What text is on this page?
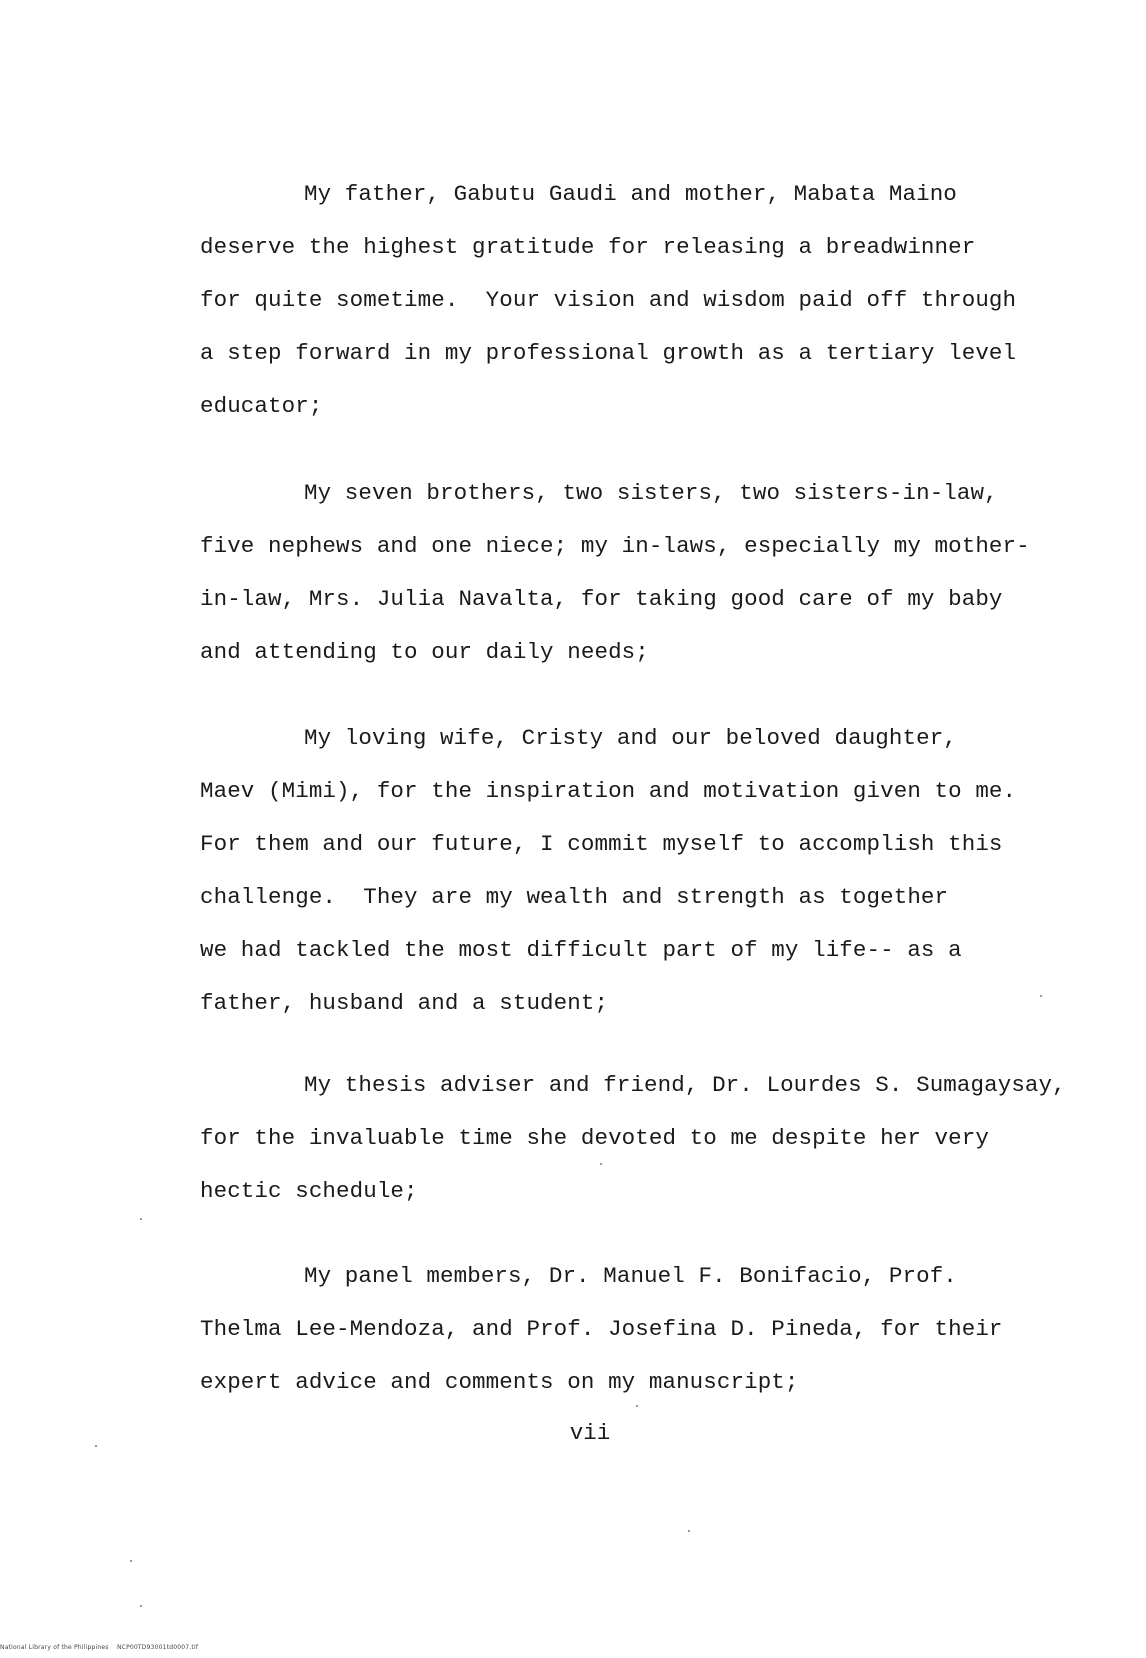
My father, Gabutu Gaudi and mother, Mabata Maino
deserve the highest gratitude for releasing a breadwinner
for quite sometime.  Your vision and wisdom paid off through
a step forward in my professional growth as a tertiary level
educator;
My seven brothers, two sisters, two sisters-in-law,
five nephews and one niece; my in-laws, especially my mother-
in-law, Mrs. Julia Navalta, for taking good care of my baby
and attending to our daily needs;
My loving wife, Cristy and our beloved daughter,
Maev (Mimi), for the inspiration and motivation given to me.
For them and our future, I commit myself to accomplish this
challenge.  They are my wealth and strength as together
we had tackled the most difficult part of my life-- as a
father, husband and a student;
My thesis adviser and friend, Dr. Lourdes S. Sumagaysay,
for the invaluable time she devoted to me despite her very
hectic schedule;
My panel members, Dr. Manuel F. Bonifacio, Prof.
Thelma Lee-Mendoza, and Prof. Josefina D. Pineda, for their
expert advice and comments on my manuscript;
vii
National Library of the Philippines    NCP00TD93001td0007.tif
